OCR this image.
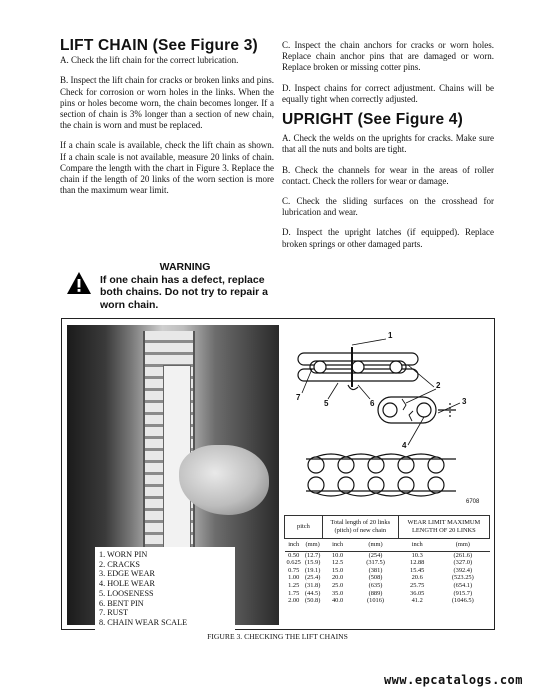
LIFT CHAIN (See Figure 3)

A. Check the lift chain for the correct lubrication.

B. Inspect the lift chain for cracks or broken links and pins. Check for corrosion or worn holes in the links. When the pins or holes become worn, the chain becomes longer. If a section of chain is 3% longer than a section of new chain, the chain is worn and must be replaced.

If a chain scale is available, check the lift chain as shown. If a chain scale is not available, measure 20 links of chain. Compare the length with the chart in Figure 3. Replace the chain if the length of 20 links of the worn section is more than the maximum wear limit.

WARNING
If one chain has a defect, replace both chains. Do not try to repair a worn chain.

C. Inspect the chain anchors for cracks or worn holes. Replace chain anchor pins that are damaged or worn. Replace broken or missing cotter pins.

D. Inspect chains for correct adjustment. Chains will be equally tight when correctly adjusted.

UPRIGHT (See Figure 4)

A. Check the welds on the uprights for cracks. Make sure that all the nuts and bolts are tight.

B. Check the channels for wear in the areas of roller contact. Check the rollers for wear or damage.

C. Check the sliding surfaces on the crosshead for lubrication and wear.

D. Inspect the upright latches (if equipped). Replace broken springs or other damaged parts.

1. WORN PIN
2. CRACKS
3. EDGE WEAR
4. HOLE WEAR
5. LOOSENESS
6. BENT PIN
7. RUST
8. CHAIN WEAR SCALE
1
2
3
4
5	6
7
6708
pitch		Total length of 20 links (pitch) of new chain		WEAR LIMIT MAXIMUM LENGTH OF 20 LINKS	
inch	(mm)	inch	(mm)	inch	(mm)
0.50	(12.7)	10.0	(254)	10.3	(261.6)
0.625	(15.9)	12.5	(317.5)	12.88	(327.0)
0.75	(19.1)	15.0	(381)	15.45	(392.4)
1.00	(25.4)	20.0	(508)	20.6	(523.25)
1.25	(31.8)	25.0	(635)	25.75	(654.1)
1.75	(44.5)	35.0	(889)	36.05	(915.7)
2.00	(50.8)	40.0	(1016)	41.2	(1046.5)
FIGURE 3. CHECKING THE LIFT CHAINS
www.epcatalogs.com
